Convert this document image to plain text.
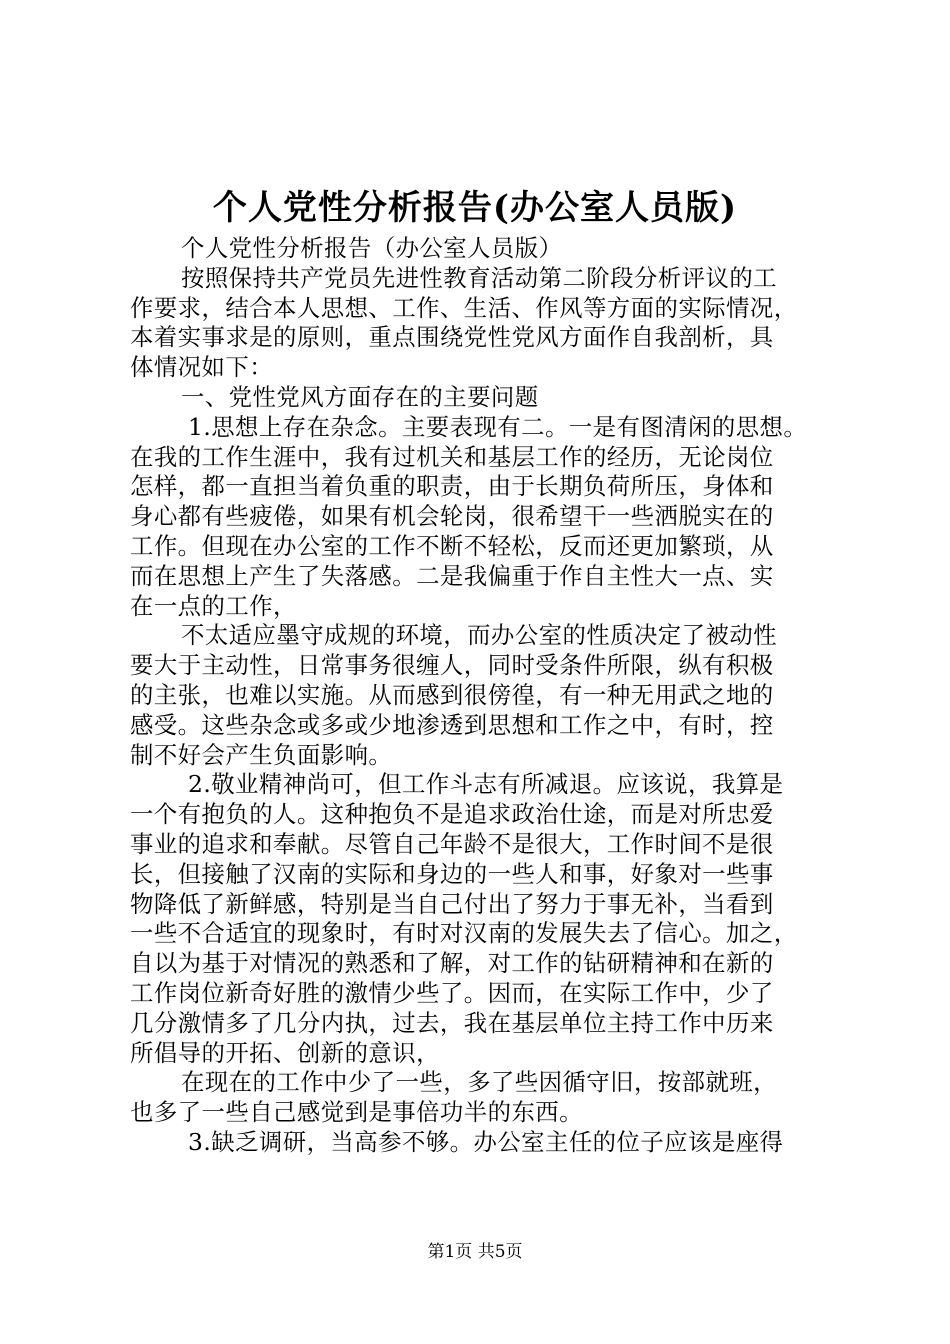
个人党性分析报告(办公室人员版)
个人党性分析报告（办公室人员版）
按照保持共产党员先进性教育活动第二阶段分析评议的工
作要求，结合本人思想、工作、生活、作风等方面的实际情况，
本着实事求是的原则，重点围绕党性党风方面作自我剖析，具
体情况如下：
一、党性党风方面存在的主要问题
1.思想上存在杂念。主要表现有二。一是有图清闲的思想。
在我的工作生涯中，我有过机关和基层工作的经历，无论岗位
怎样，都一直担当着负重的职责，由于长期负荷所压，身体和
身心都有些疲倦，如果有机会轮岗，很希望干一些洒脱实在的
工作。但现在办公室的工作不断不轻松，反而还更加繁琐，从
而在思想上产生了失落感。二是我偏重于作自主性大一点、实
在一点的工作，
不太适应墨守成规的环境，而办公室的性质决定了被动性
要大于主动性，日常事务很缠人，同时受条件所限，纵有积极
的主张，也难以实施。从而感到很傍徨，有一种无用武之地的
感受。这些杂念或多或少地渗透到思想和工作之中，有时，控
制不好会产生负面影响。
2.敬业精神尚可，但工作斗志有所减退。应该说，我算是
一个有抱负的人。这种抱负不是追求政治仕途，而是对所忠爱
事业的追求和奉献。尽管自己年龄不是很大，工作时间不是很
长，但接触了汉南的实际和身边的一些人和事，好象对一些事
物降低了新鲜感，特别是当自己付出了努力于事无补，当看到
一些不合适宜的现象时，有时对汉南的发展失去了信心。加之，
自以为基于对情况的熟悉和了解，对工作的钻研精神和在新的
工作岗位新奇好胜的激情少些了。因而，在实际工作中，少了
几分激情多了几分内执，过去，我在基层单位主持工作中历来
所倡导的开拓、创新的意识，
在现在的工作中少了一些，多了些因循守旧，按部就班，
也多了一些自己感觉到是事倍功半的东西。
3.缺乏调研，当高参不够。办公室主任的位子应该是座得
第1页 共5页
